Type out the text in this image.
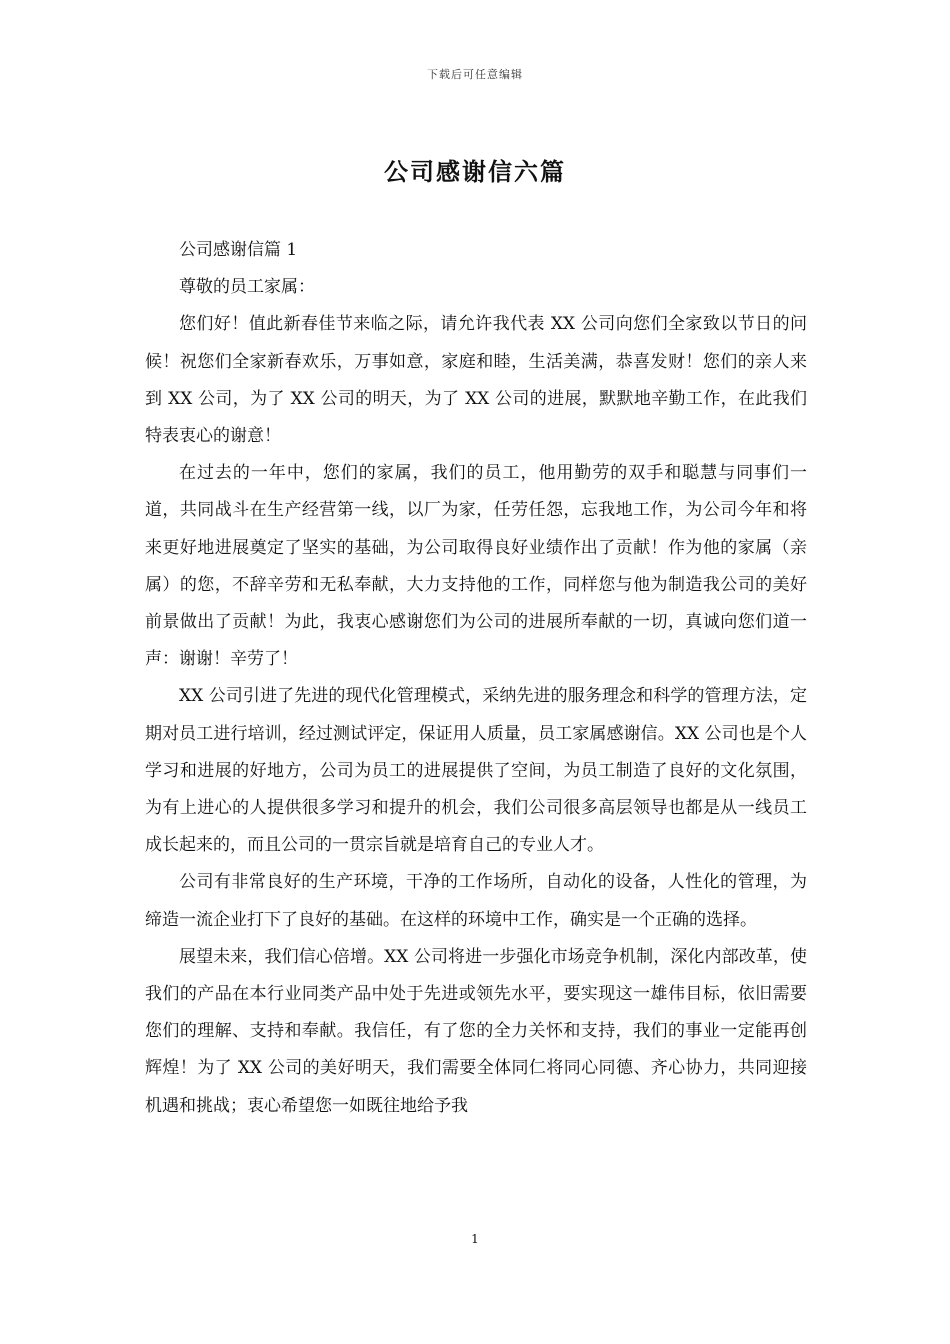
下载后可任意编辑
公司感谢信六篇

公司感谢信篇 1

尊敬的员工家属：

您们好！值此新春佳节来临之际，请允许我代表 XX 公司向您们全家致以节日的问候！祝您们全家新春欢乐，万事如意，家庭和睦，生活美满，恭喜发财！您们的亲人来到 XX 公司，为了 XX 公司的明天，为了 XX 公司的进展，默默地辛勤工作，在此我们特表衷心的谢意！

在过去的一年中，您们的家属，我们的员工，他用勤劳的双手和聪慧与同事们一道，共同战斗在生产经营第一线，以厂为家，任劳任怨，忘我地工作，为公司今年和将来更好地进展奠定了坚实的基础，为公司取得良好业绩作出了贡献！作为他的家属（亲属）的您，不辞辛劳和无私奉献，大力支持他的工作，同样您与他为制造我公司的美好前景做出了贡献！为此，我衷心感谢您们为公司的进展所奉献的一切，真诚向您们道一声：谢谢！辛劳了！

XX 公司引进了先进的现代化管理模式，采纳先进的服务理念和科学的管理方法，定期对员工进行培训，经过测试评定，保证用人质量，员工家属感谢信。XX 公司也是个人学习和进展的好地方，公司为员工的进展提供了空间，为员工制造了良好的文化氛围，为有上进心的人提供很多学习和提升的机会，我们公司很多高层领导也都是从一线员工成长起来的，而且公司的一贯宗旨就是培育自己的专业人才。

公司有非常良好的生产环境，干净的工作场所，自动化的设备，人性化的管理，为缔造一流企业打下了良好的基础。在这样的环境中工作，确实是一个正确的选择。

展望未来，我们信心倍增。XX 公司将进一步强化市场竞争机制，深化内部改革，使我们的产品在本行业同类产品中处于先进或领先水平，要实现这一雄伟目标，依旧需要您们的理解、支持和奉献。我信任，有了您的全力关怀和支持，我们的事业一定能再创辉煌！为了 XX 公司的美好明天，我们需要全体同仁将同心同德、齐心协力，共同迎接机遇和挑战；衷心希望您一如既往地给予我

1
